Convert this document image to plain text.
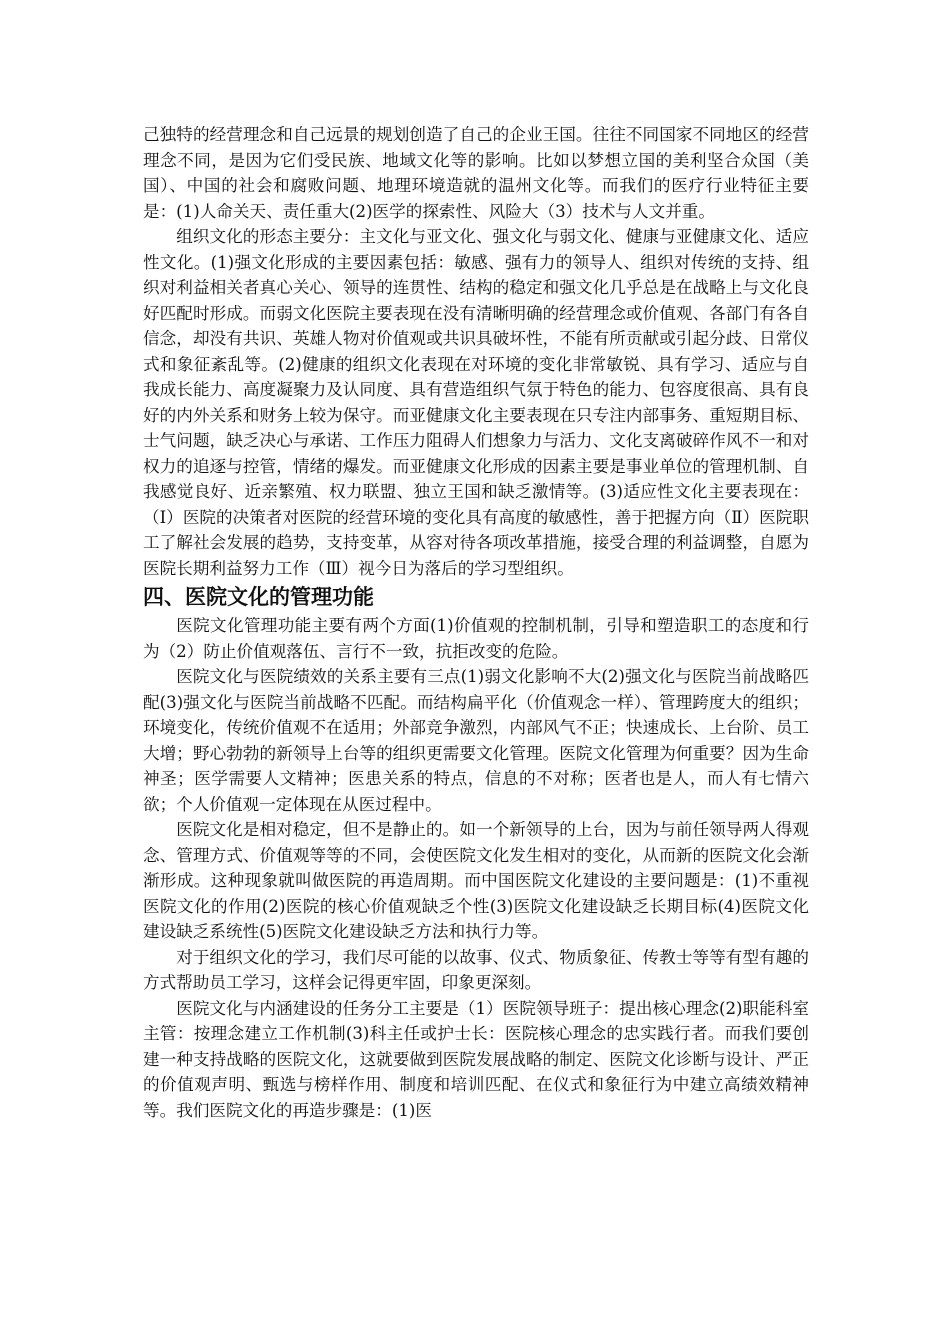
己独特的经营理念和自己远景的规划创造了自己的企业王国。往往不同国家不同地区的经营理念不同，是因为它们受民族、地域文化等的影响。比如以梦想立国的美利坚合众国（美国）、中国的社会和腐败问题、地理环境造就的温州文化等。而我们的医疗行业特征主要是：(1)人命关天、责任重大(2)医学的探索性、风险大（3）技术与人文并重。

组织文化的形态主要分：主文化与亚文化、强文化与弱文化、健康与亚健康文化、适应性文化。(1)强文化形成的主要因素包括：敏感、强有力的领导人、组织对传统的支持、组织对利益相关者真心关心、领导的连贯性、结构的稳定和强文化几乎总是在战略上与文化良好匹配时形成。而弱文化医院主要表现在没有清晰明确的经营理念或价值观、各部门有各自信念，却没有共识、英雄人物对价值观或共识具破坏性，不能有所贡献或引起分歧、日常仪式和象征紊乱等。(2)健康的组织文化表现在对环境的变化非常敏锐、具有学习、适应与自我成长能力、高度凝聚力及认同度、具有营造组织气氛于特色的能力、包容度很高、具有良好的内外关系和财务上较为保守。而亚健康文化主要表现在只专注内部事务、重短期目标、士气问题，缺乏决心与承诺、工作压力阻碍人们想象力与活力、文化支离破碎作风不一和对权力的追逐与控管，情绪的爆发。而亚健康文化形成的因素主要是事业单位的管理机制、自我感觉良好、近亲繁殖、权力联盟、独立王国和缺乏激情等。(3)适应性文化主要表现在：（Ⅰ）医院的决策者对医院的经营环境的变化具有高度的敏感性，善于把握方向（Ⅱ）医院职工了解社会发展的趋势，支持变革，从容对待各项改革措施，接受合理的利益调整，自愿为医院长期利益努力工作（Ⅲ）视今日为落后的学习型组织。

四、医院文化的管理功能

医院文化管理功能主要有两个方面(1)价值观的控制机制，引导和塑造职工的态度和行为（2）防止价值观落伍、言行不一致，抗拒改变的危险。

医院文化与医院绩效的关系主要有三点(1)弱文化影响不大(2)强文化与医院当前战略匹配(3)强文化与医院当前战略不匹配。而结构扁平化（价值观念一样）、管理跨度大的组织；环境变化，传统价值观不在适用；外部竞争激烈，内部风气不正；快速成长、上台阶、员工大增；野心勃勃的新领导上台等的组织更需要文化管理。医院文化管理为何重要？因为生命神圣；医学需要人文精神；医患关系的特点，信息的不对称；医者也是人，而人有七情六欲；个人价值观一定体现在从医过程中。

医院文化是相对稳定，但不是静止的。如一个新领导的上台，因为与前任领导两人得观念、管理方式、价值观等等的不同，会使医院文化发生相对的变化，从而新的医院文化会渐渐形成。这种现象就叫做医院的再造周期。而中国医院文化建设的主要问题是：(1)不重视医院文化的作用(2)医院的核心价值观缺乏个性(3)医院文化建设缺乏长期目标(4)医院文化建设缺乏系统性(5)医院文化建设缺乏方法和执行力等。

对于组织文化的学习，我们尽可能的以故事、仪式、物质象征、传教士等等有型有趣的方式帮助员工学习，这样会记得更牢固，印象更深刻。

医院文化与内涵建设的任务分工主要是（1）医院领导班子：提出核心理念(2)职能科室主管：按理念建立工作机制(3)科主任或护士长：医院核心理念的忠实践行者。而我们要创建一种支持战略的医院文化，这就要做到医院发展战略的制定、医院文化诊断与设计、严正的价值观声明、甄选与榜样作用、制度和培训匹配、在仪式和象征行为中建立高绩效精神等。我们医院文化的再造步骤是：(1)医
